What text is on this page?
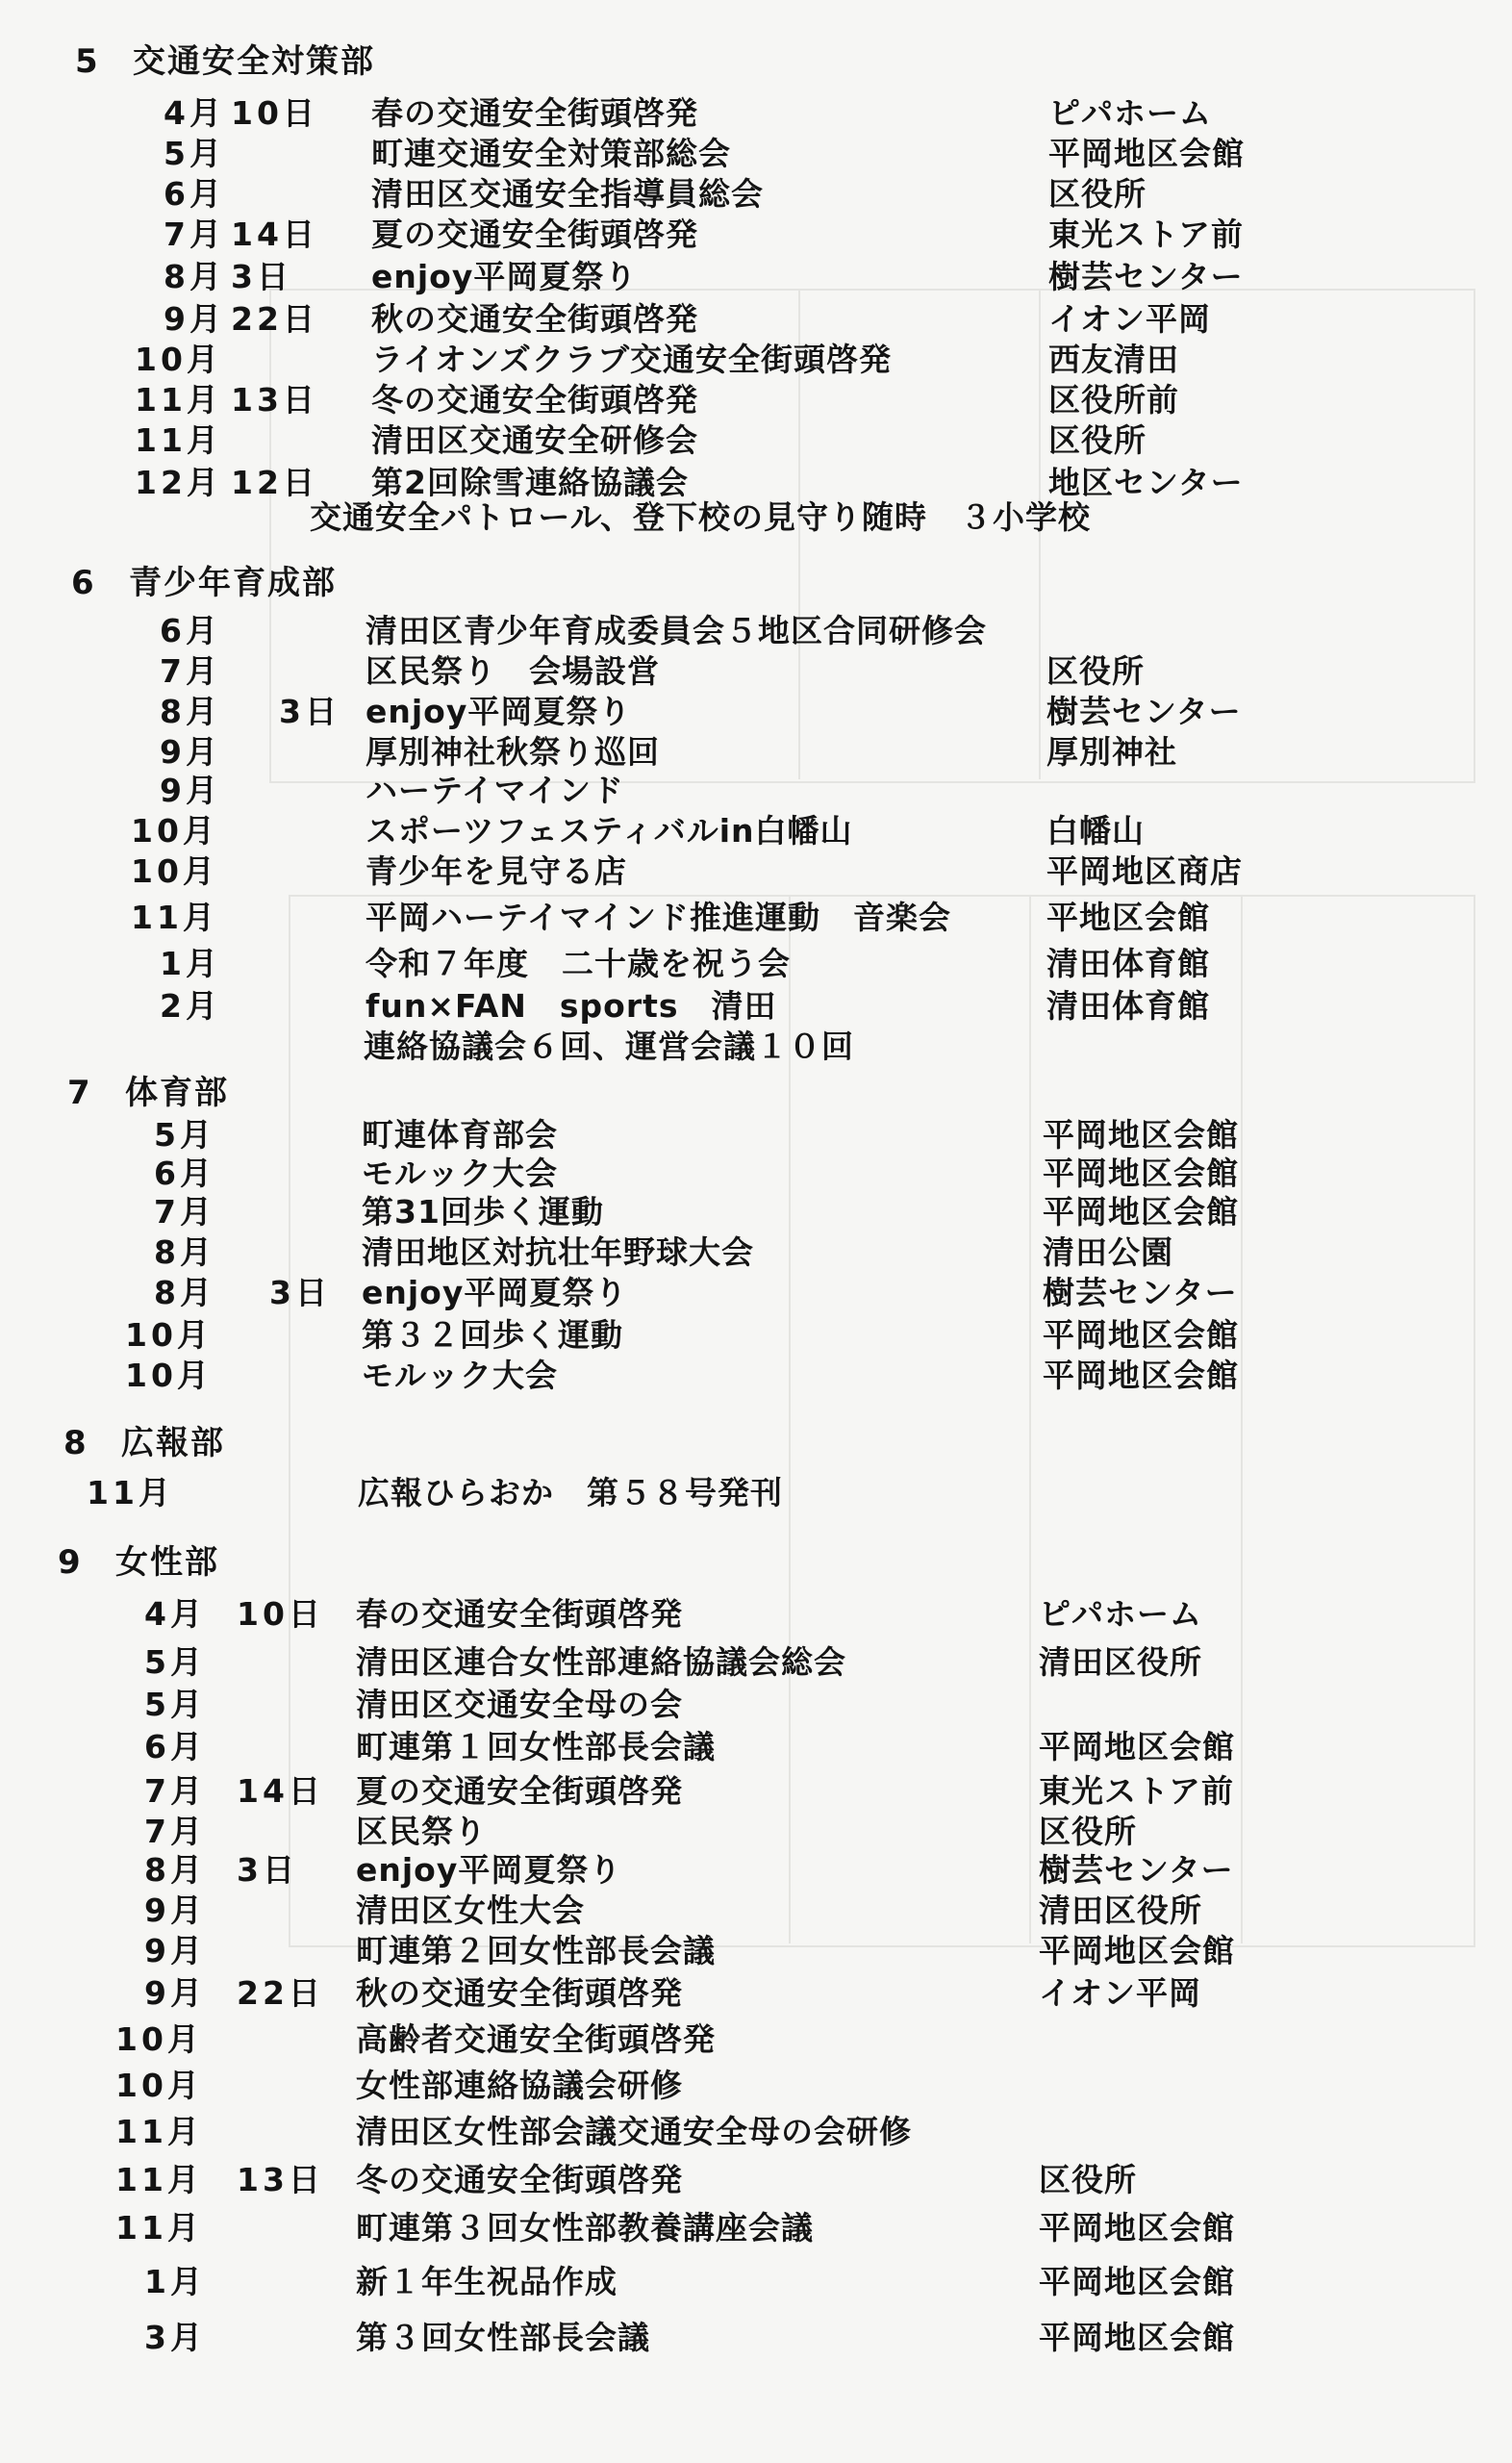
5 交通安全対策部
4月 10日 春の交通安全街頭啓発	ピパホーム
5月	町連交通安全対策部総会	平岡地区会館
6月	清田区交通安全指導員総会	区役所
7月 14日 夏の交通安全街頭啓発	東光ストア前
8月 3日 enjoy平岡夏祭り	樹芸センター
9月 22日 秋の交通安全街頭啓発	イオン平岡
10月	ライオンズクラブ交通安全街頭啓発	西友清田
11月 13日 冬の交通安全街頭啓発	区役所前
11月	清田区交通安全研修会	区役所
12月 12日 第2回除雪連絡協議会	地区センター
交通安全パトロール、登下校の見守り随時　３小学校
6 青少年育成部
6月	清田区青少年育成委員会５地区合同研修会
7月	区民祭り　会場設営	区役所
8月 3日 enjoy平岡夏祭り	樹芸センター
9月	厚別神社秋祭り巡回	厚別神社
9月	ハーテイマインド
10月	スポーツフェスティバルin白幡山	白幡山
10月	青少年を見守る店	平岡地区商店
11月	平岡ハーテイマインド推進運動　音楽会	平地区会館
1月	令和７年度　二十歳を祝う会	清田体育館
2月	fun×FAN　sports　清田	清田体育館
連絡協議会６回、運営会議１０回
7 体育部
5月	町連体育部会	平岡地区会館
6月	モルック大会	平岡地区会館
7月	第31回歩く運動	平岡地区会館
8月	清田地区対抗壮年野球大会	清田公園
8月 3日 enjoy平岡夏祭り	樹芸センター
10月	第３２回歩く運動	平岡地区会館
10月	モルック大会	平岡地区会館
8 広報部
11月	広報ひらおか　第５８号発刊
9 女性部
4月 10日 春の交通安全街頭啓発	ピパホーム
5月	清田区連合女性部連絡協議会総会	清田区役所
5月	清田区交通安全母の会
6月	町連第１回女性部長会議	平岡地区会館
7月 14日 夏の交通安全街頭啓発	東光ストア前
7月	区民祭り	区役所
8月 3日 enjoy平岡夏祭り	樹芸センター
9月	清田区女性大会	清田区役所
9月	町連第２回女性部長会議	平岡地区会館
9月 22日 秋の交通安全街頭啓発	イオン平岡
10月	高齢者交通安全街頭啓発
10月	女性部連絡協議会研修
11月	清田区女性部会議交通安全母の会研修
11月 13日 冬の交通安全街頭啓発	区役所
11月	町連第３回女性部教養講座会議	平岡地区会館
1月	新１年生祝品作成	平岡地区会館
3月	第３回女性部長会議	平岡地区会館
